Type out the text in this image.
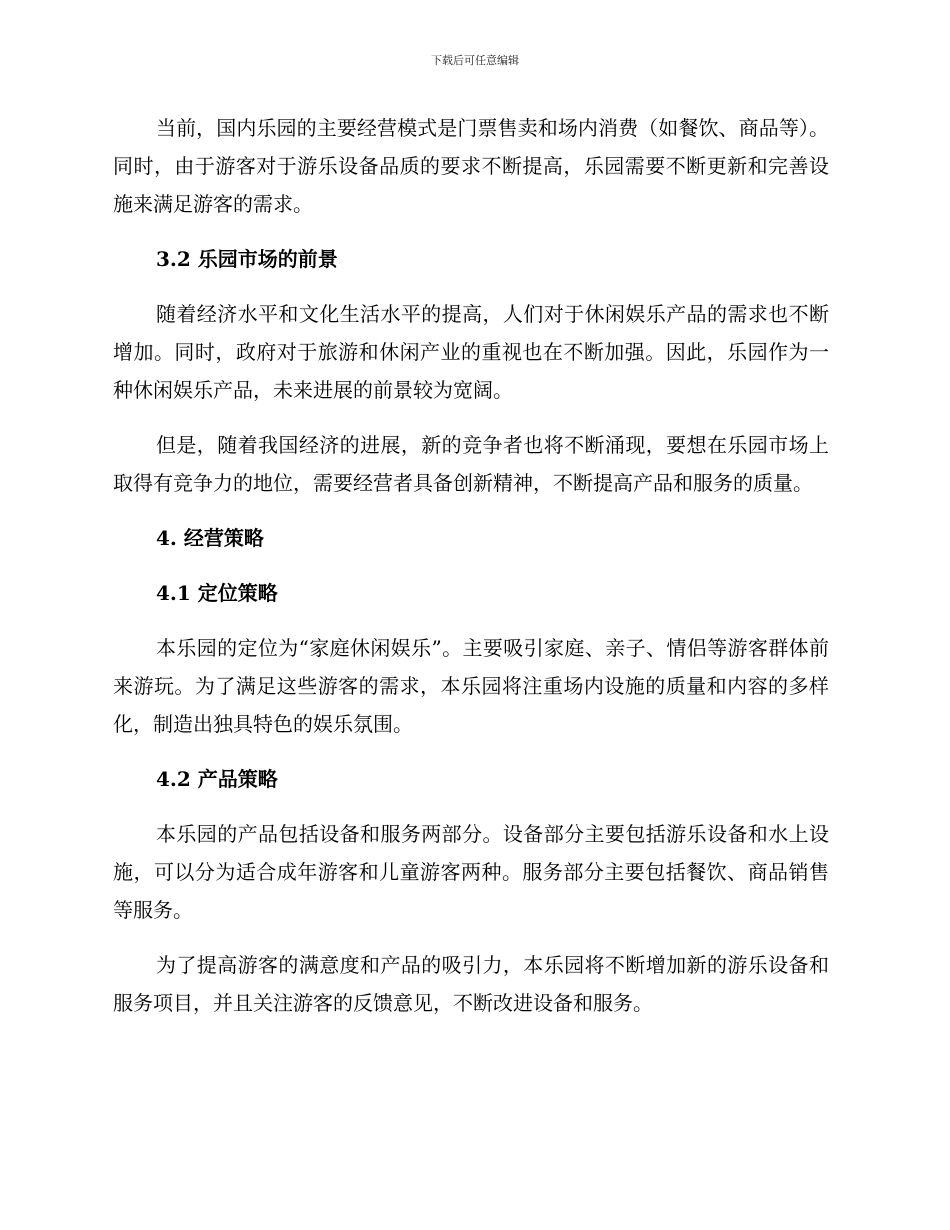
下载后可任意编辑

当前，国内乐园的主要经营模式是门票售卖和场内消费（如餐饮、商品等）。同时，由于游客对于游乐设备品质的要求不断提高，乐园需要不断更新和完善设施来满足游客的需求。

3.2 乐园市场的前景

随着经济水平和文化生活水平的提高，人们对于休闲娱乐产品的需求也不断增加。同时，政府对于旅游和休闲产业的重视也在不断加强。因此，乐园作为一种休闲娱乐产品，未来进展的前景较为宽阔。

但是，随着我国经济的进展，新的竞争者也将不断涌现，要想在乐园市场上取得有竞争力的地位，需要经营者具备创新精神，不断提高产品和服务的质量。

4. 经营策略

4.1 定位策略

本乐园的定位为“家庭休闲娱乐”。主要吸引家庭、亲子、情侣等游客群体前来游玩。为了满足这些游客的需求，本乐园将注重场内设施的质量和内容的多样化，制造出独具特色的娱乐氛围。

4.2 产品策略

本乐园的产品包括设备和服务两部分。设备部分主要包括游乐设备和水上设施，可以分为适合成年游客和儿童游客两种。服务部分主要包括餐饮、商品销售等服务。

为了提高游客的满意度和产品的吸引力，本乐园将不断增加新的游乐设备和服务项目，并且关注游客的反馈意见，不断改进设备和服务。
